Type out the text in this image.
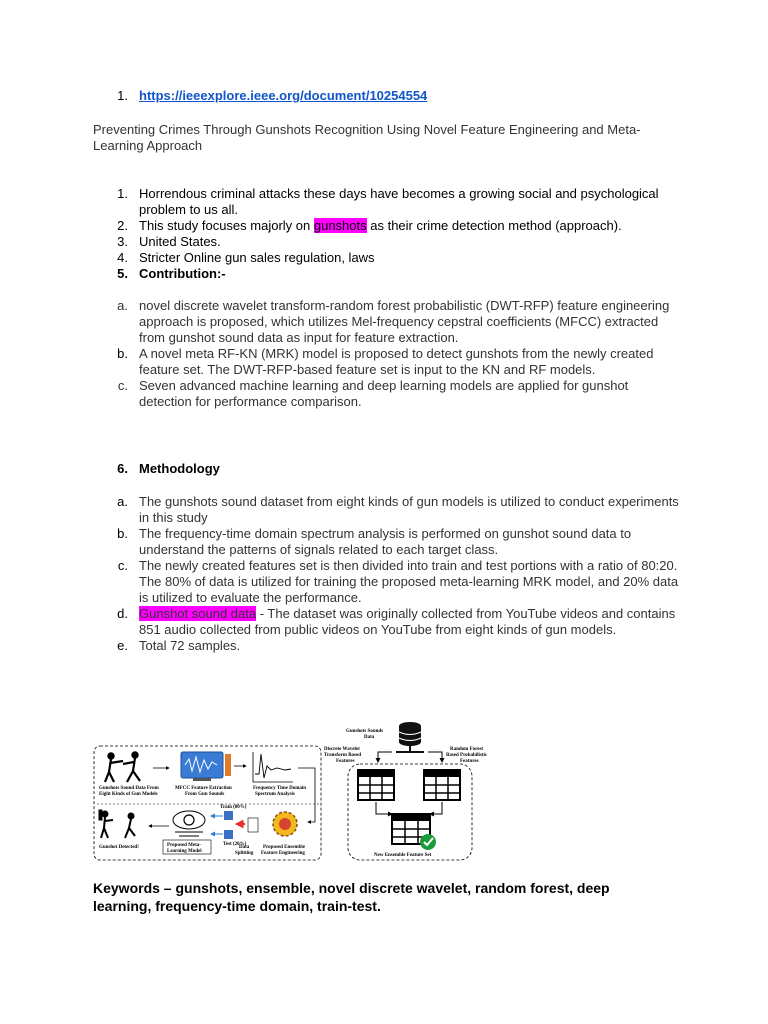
1. https://ieeexplore.ieee.org/document/10254554
Preventing Crimes Through Gunshots Recognition Using Novel Feature Engineering and Meta-
Learning Approach
1. Horrendous criminal attacks these days have becomes a growing social and psychological
problem to us all.
2. This study focuses majorly on gunshots as their crime detection method (approach).
3. United States.
4. Stricter Online gun sales regulation, laws
5. Contribution:-
a. novel discrete wavelet transform-random forest probabilistic (DWT-RFP) feature engineering
approach is proposed, which utilizes Mel-frequency cepstral coefficients (MFCC) extracted
from gunshot sound data as input for feature extraction.
b. A novel meta RF-KN (MRK) model is proposed to detect gunshots from the newly created
feature set. The DWT-RFP-based feature set is input to the KN and RF models.
c. Seven advanced machine learning and deep learning models are applied for gunshot
detection for performance comparison.
6. Methodology
a. The gunshots sound dataset from eight kinds of gun models is utilized to conduct experiments
in this study
b. The frequency-time domain spectrum analysis is performed on gunshot sound data to
understand the patterns of signals related to each target class.
c. The newly created features set is then divided into train and test portions with a ratio of 80:20.
The 80% of data is utilized for training the proposed meta-learning MRK model, and 20% data
is utilized to evaluate the performance.
d. Gunshot sound data - The dataset was originally collected from YouTube videos and contains
851 audio collected from public videos on YouTube from eight kinds of gun models.
e. Total 72 samples.
Gunshots Sound Data From
Eight Kinds of Gun Models
MFCC Feature Extraction
From Gun Sounds
Frequency Time Domain
Spectrum Analysis
Gunshot Detected!	Proposed Meta-
Learning Model
Train (80%)
Test (20%)
Data
Splitting
Proposed Ensemble
Feature Engineering
Gunshots Sounds
Data
Discrete Wavelet
Transform Based
Features
Random Forest
Based Probabilistic
Features
New Ensemble Feature Set
Keywords – gunshots, ensemble, novel discrete wavelet, random forest, deep
learning, frequency-time domain, train-test.
